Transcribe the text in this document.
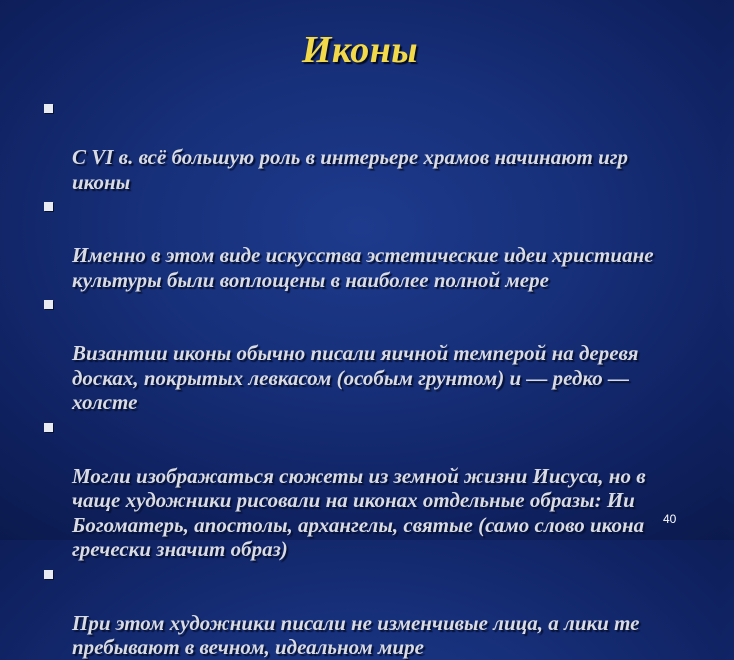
Иконы

С VI в. всё большую роль в интерьере храмов начинают игр
иконы

Именно в этом виде искусства эстетические идеи христиане
культуры были воплощены в наиболее полной мере

Византии иконы обычно писали яичной темперой на деревя
досках, покрытых левкасом (особым грунтом) и — редко —
холсте

Могли изображаться сюжеты из земной жизни Иисуса, но в
чаще художники рисовали на иконах отдельные образы: Ии
Богоматерь, апостолы, архангелы, святые (само слово икона
гречески значит образ)

При этом художники писали не изменчивые лица, а лики те
пребывают в вечном, идеальном мире

40
